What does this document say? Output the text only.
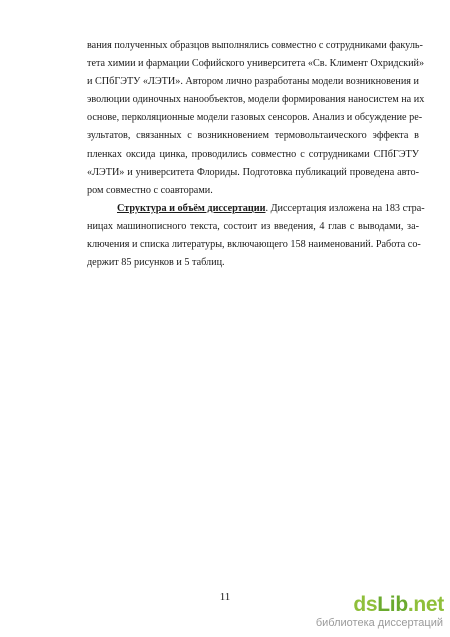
вания полученных образцов выполнялись совместно с сотрудниками факуль-
тета химии и фармации Софийского университета «Св. Климент Охридский»
и СПбГЭТУ «ЛЭТИ». Автором лично разработаны модели возникновения и
эволюции одиночных нанообъектов, модели формирования наносистем на их
основе, перколяционные модели газовых сенсоров. Анализ и обсуждение ре-
зультатов, связанных с возникновением термовольтаического эффекта в
пленках оксида цинка, проводились совместно с сотрудниками СПбГЭТУ
«ЛЭТИ» и университета Флориды. Подготовка публикаций проведена авто-
ром совместно с соавторами.
Структура и объём диссертации. Диссертация изложена на 183 стра-
ницах машинописного текста, состоит из введения, 4 глав с выводами, за-
ключения и списка литературы, включающего 158 наименований. Работа со-
держит 85 рисунков и 5 таблиц.
11	dsLib.net
библиотека диссертаций
